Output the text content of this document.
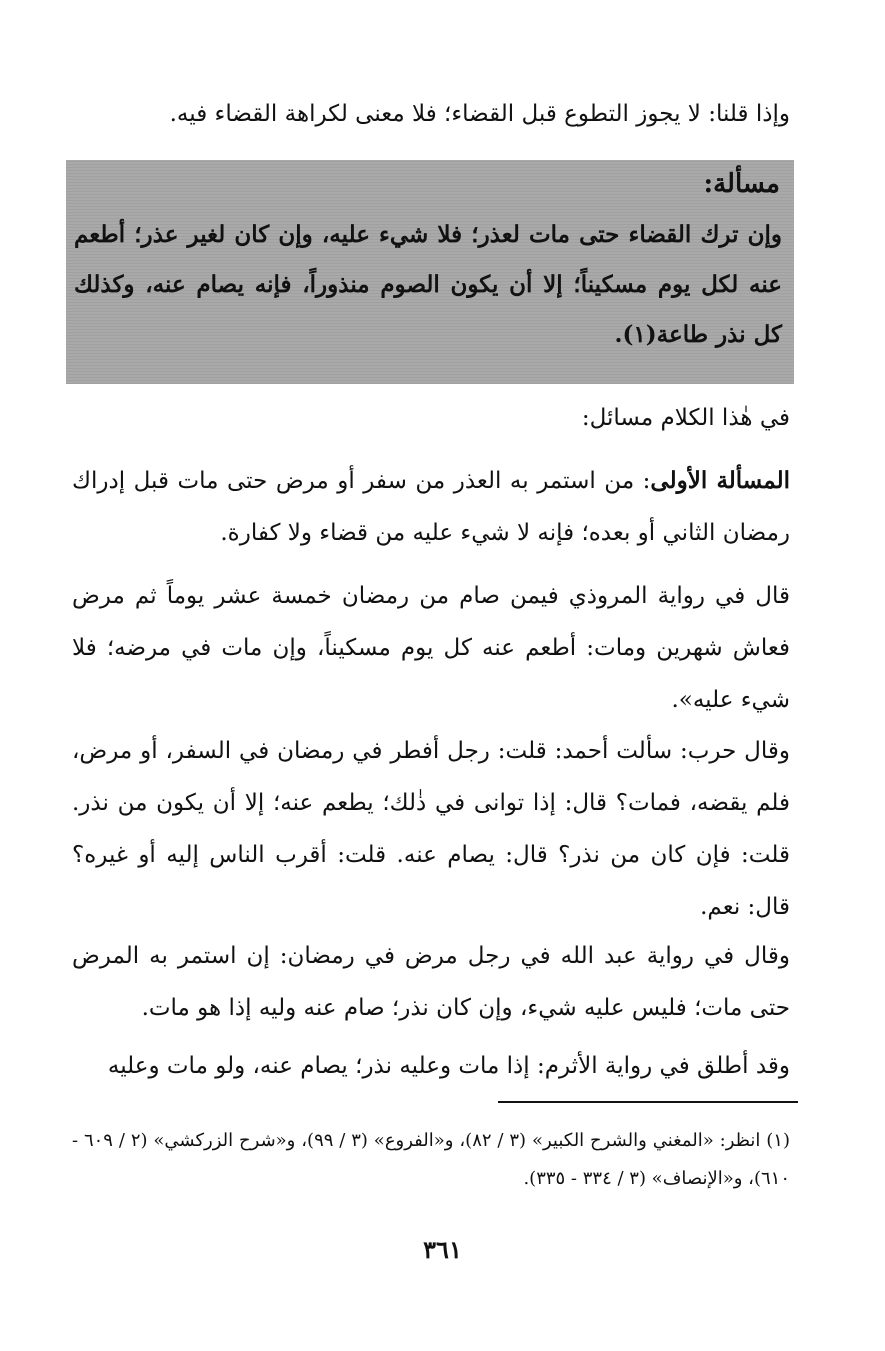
وإذا قلنا: لا يجوز التطوع قبل القضاء؛ فلا معنى لكراهة القضاء فيه.

مسألة:

وإن ترك القضاء حتى مات لعذر؛ فلا شيء عليه، وإن كان لغير عذر؛ أطعم عنه لكل يوم مسكيناً؛ إلا أن يكون الصوم منذوراً، فإنه يصام عنه، وكذلك كل نذر طاعة(١).

في هٰذا الكلام مسائل:

المسألة الأولى: من استمر به العذر من سفر أو مرض حتى مات قبل إدراك رمضان الثاني أو بعده؛ فإنه لا شيء عليه من قضاء ولا كفارة.

قال في رواية المروذي فيمن صام من رمضان خمسة عشر يوماً ثم مرض فعاش شهرين ومات: أطعم عنه كل يوم مسكيناً، وإن مات في مرضه؛ فلا شيء عليه».

وقال حرب: سألت أحمد: قلت: رجل أفطر في رمضان في السفر، أو مرض، فلم يقضه، فمات؟ قال: إذا توانى في ذٰلك؛ يطعم عنه؛ إلا أن يكون من نذر. قلت: فإن كان من نذر؟ قال: يصام عنه. قلت: أقرب الناس إليه أو غيره؟ قال: نعم.

وقال في رواية عبد الله في رجل مرض في رمضان: إن استمر به المرض حتى مات؛ فليس عليه شيء، وإن كان نذر؛ صام عنه وليه إذا هو مات.

وقد أطلق في رواية الأثرم: إذا مات وعليه نذر؛ يصام عنه، ولو مات وعليه

(١) انظر: «المغني والشرح الكبير» (٣ / ٨٢)، و«الفروع» (٣ / ٩٩)، و«شرح الزركشي» (٢ / ٦٠٩ - ٦١٠)، و«الإنصاف» (٣ / ٣٣٤ - ٣٣٥).

٣٦١
